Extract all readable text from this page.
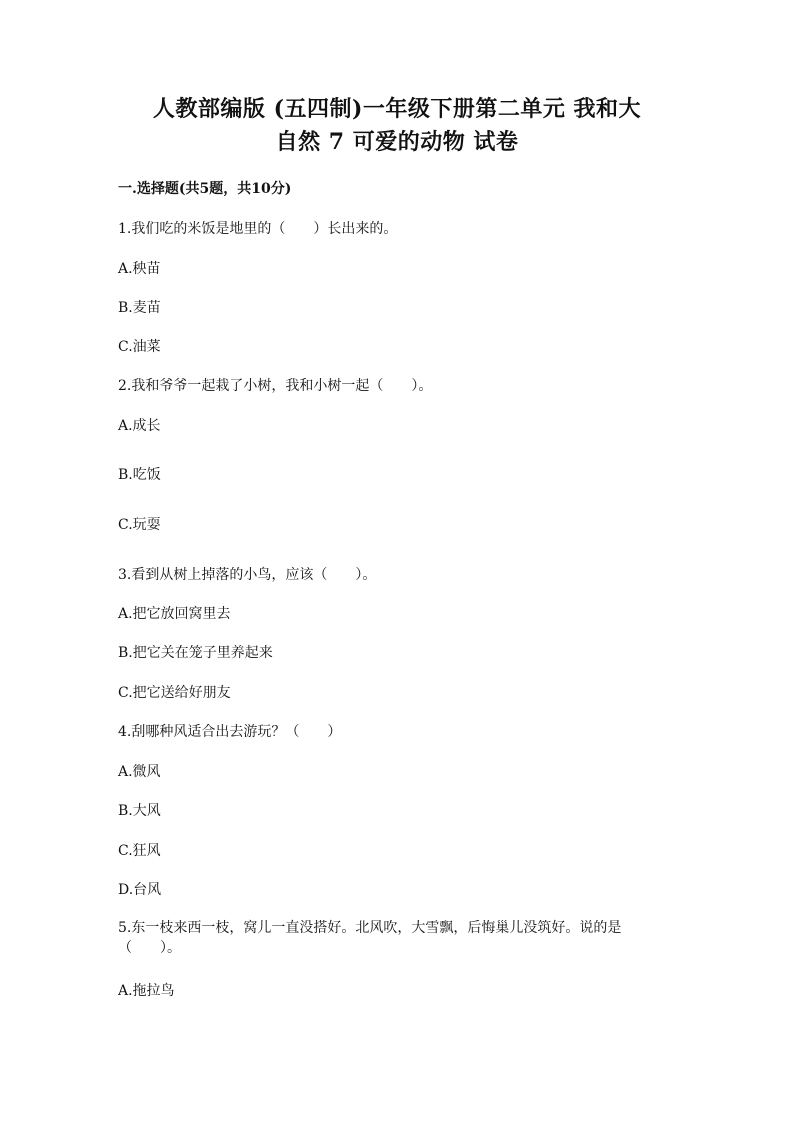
人教部编版 (五四制)一年级下册第二单元 我和大
自然 7 可爱的动物 试卷
一.选择题(共5题，共10分)
1.我们吃的米饭是地里的（　　）长出来的。
A.秧苗
B.麦苗
C.油菜
2.我和爷爷一起栽了小树，我和小树一起（　　）。
A.成长
B.吃饭
C.玩耍
3.看到从树上掉落的小鸟，应该（　　）。
A.把它放回窝里去
B.把它关在笼子里养起来
C.把它送给好朋友
4.刮哪种风适合出去游玩？（　　）
A.微风
B.大风
C.狂风
D.台风
5.东一枝来西一枝，窝儿一直没搭好。北风吹，大雪飘，后悔巢儿没筑好。说的是（　　）。
A.拖拉鸟
